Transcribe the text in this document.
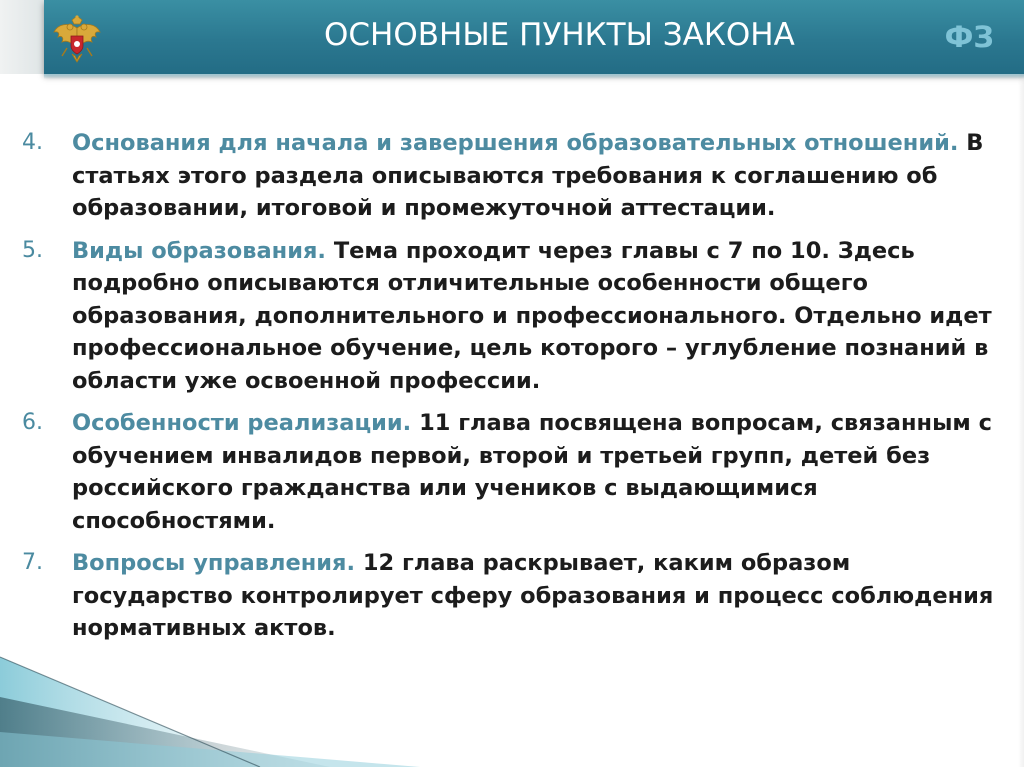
ОСНОВНЫЕ ПУНКТЫ ЗАКОНА	ФЗ
4.	Основания для начала и завершения образовательных отношений. В статьях этого раздела описываются требования к соглашению об образовании, итоговой и промежуточной аттестации.
5.	Виды образования. Тема проходит через главы с 7 по 10. Здесь подробно описываются отличительные особенности общего образования, дополнительного и профессионального. Отдельно идет профессиональное обучение, цель которого – углубление познаний в области уже освоенной профессии.
6.	Особенности реализации. 11 глава посвящена вопросам, связанным с обучением инвалидов первой, второй и третьей групп, детей без российского гражданства или учеников с выдающимися способностями.
7.	Вопросы управления. 12 глава раскрывает, каким образом государство контролирует сферу образования и процесс соблюдения нормативных актов.
